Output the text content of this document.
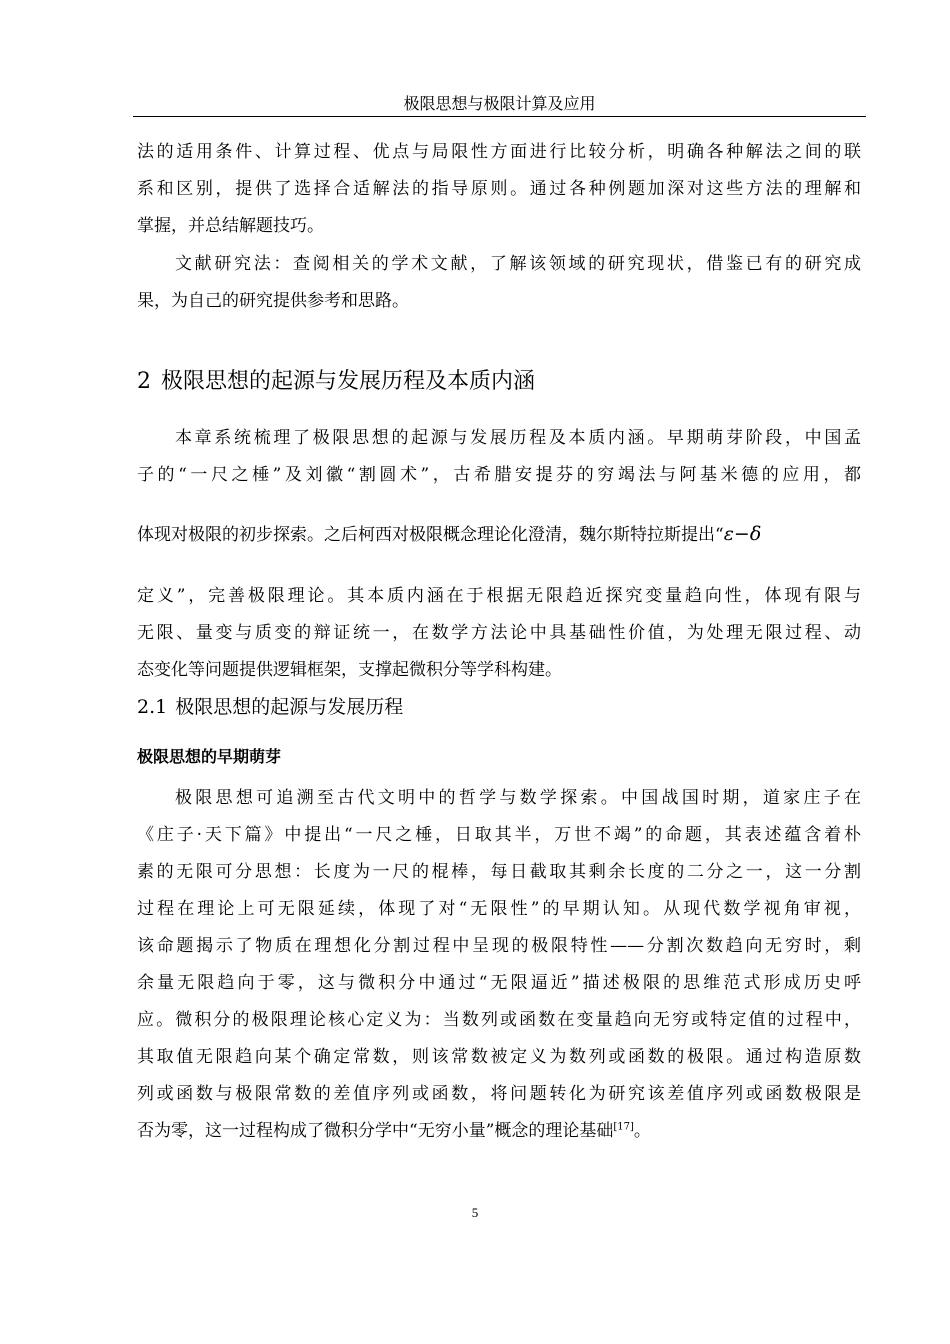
极限思想与极限计算及应用
法的适用条件、计算过程、优点与局限性方面进行比较分析，明确各种解法之间的联
系和区别，提供了选择合适解法的指导原则。通过各种例题加深对这些方法的理解和
掌握，并总结解题技巧。
文献研究法：查阅相关的学术文献，了解该领域的研究现状，借鉴已有的研究成
果，为自己的研究提供参考和思路。
2 极限思想的起源与发展历程及本质内涵
本章系统梳理了极限思想的起源与发展历程及本质内涵。早期萌芽阶段，中国孟
子的“一尺之棰”及刘徽“割圆术”，古希腊安提芬的穷竭法与阿基米德的应用，都
体现对极限的初步探索。之后柯西对极限概念理论化澄清，魏尔斯特拉斯提出“ε−δ
定义”，完善极限理论。其本质内涵在于根据无限趋近探究变量趋向性，体现有限与
无限、量变与质变的辩证统一，在数学方法论中具基础性价值，为处理无限过程、动
态变化等问题提供逻辑框架，支撑起微积分等学科构建。
2.1 极限思想的起源与发展历程
极限思想的早期萌芽
极限思想可追溯至古代文明中的哲学与数学探索。中国战国时期，道家庄子在
《庄子·天下篇》中提出“一尺之棰，日取其半，万世不竭”的命题，其表述蕴含着朴
素的无限可分思想：长度为一尺的棍棒，每日截取其剩余长度的二分之一，这一分割
过程在理论上可无限延续，体现了对“无限性”的早期认知。从现代数学视角审视，
该命题揭示了物质在理想化分割过程中呈现的极限特性——分割次数趋向无穷时，剩
余量无限趋向于零，这与微积分中通过“无限逼近”描述极限的思维范式形成历史呼
应。微积分的极限理论核心定义为：当数列或函数在变量趋向无穷或特定值的过程中，
其取值无限趋向某个确定常数，则该常数被定义为数列或函数的极限。通过构造原数
列或函数与极限常数的差值序列或函数，将问题转化为研究该差值序列或函数极限是
否为零，这一过程构成了微积分学中“无穷小量”概念的理论基础[17]。
5
